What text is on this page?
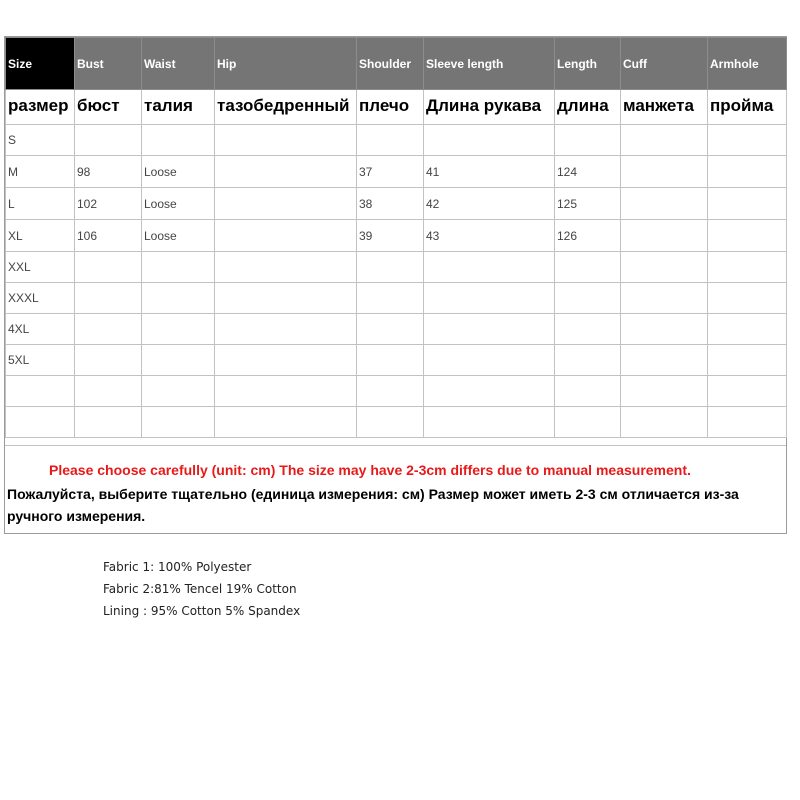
Size	Bust	Waist	Hip	Shoulder	Sleeve length	Length	Cuff	Armhole
размер	бюст	талия	тазобедренный	плечо	Длина рукава	длина	манжета	пройма
S								
M	98	Loose		37	41	124		
L	102	Loose		38	42	125		
XL	106	Loose		39	43	126		
XXL								
XXXL								
4XL								
5XL								

Please choose carefully (unit: cm) The size may have 2-3cm differs due to manual measurement.
Пожалуйста, выберите тщательно (единица измерения: см) Размер может иметь 2-3 см отличается из-за ручного измерения.
Fabric 1: 100% Polyester
Fabric 2:81% Tencel 19% Cotton
Lining : 95% Cotton 5% Spandex
